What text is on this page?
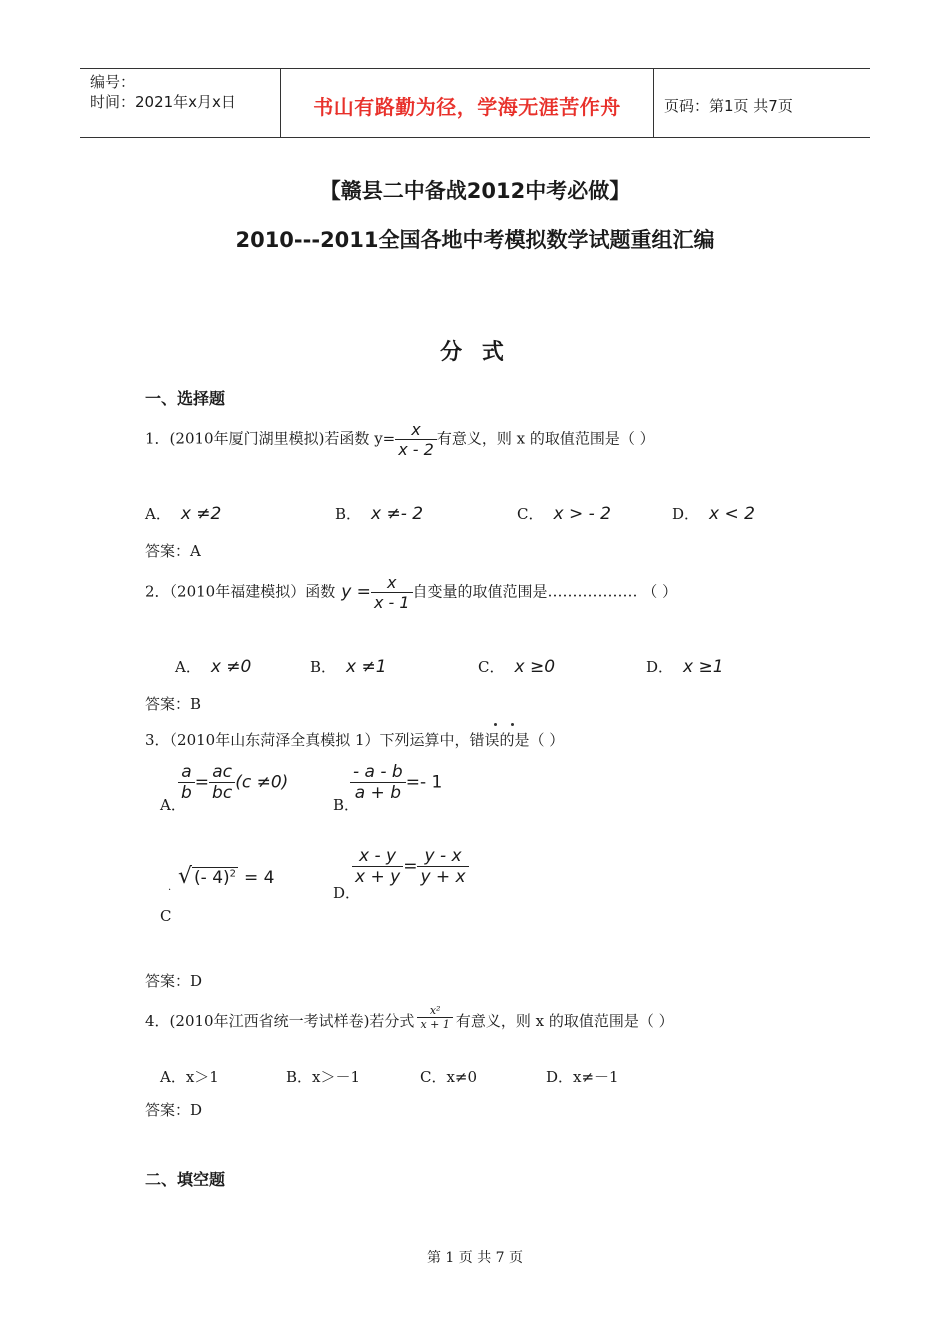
编号：
时间：2021年x月x日	书山有路勤为径，学海无涯苦作舟	页码：第1页 共7页
【赣县二中备战2012中考必做】
2010---2011全国各地中考模拟数学试题重组汇编
分 式
一、选择题
1．(2010年厦门湖里模拟)若函数 $y= \frac{x}{x - 2}$ 有意义，则 x 的取值范围是（ ）
A． x ≠2	B． x ≠- 2	C． x > - 2	D． x < 2
答案：A
2．（2010年福建模拟）函数 $y = \frac{x}{x - 1}$ 自变量的取值范围是……………… （ ）
A． x ≠0	B． x ≠1	C． x ≥0	D． x ≥1
答案：B
3．（2010年山东菏泽全真模拟 1）下列运算中，错误的是（ ）
A．
$\frac{a}{b} = \frac{ac}{bc} (c \ne 0)$
B．
$\frac{- a - b}{a + b} =- 1$
. √ (- 4)$^2$ = 4
C
D．
$\frac{x - y}{x + y} = \frac{y - x}{y + x}$
答案：D
4．(2010年江西省统一考试样卷)若分式 $\frac{\text{x²}}{x + 1}$ 有意义，则 x 的取值范围是（ ）
A．x＞1	B．x＞－1	C．x≠0	D．x≠－1
答案：D
二、填空题
第 1 页 共 7 页
